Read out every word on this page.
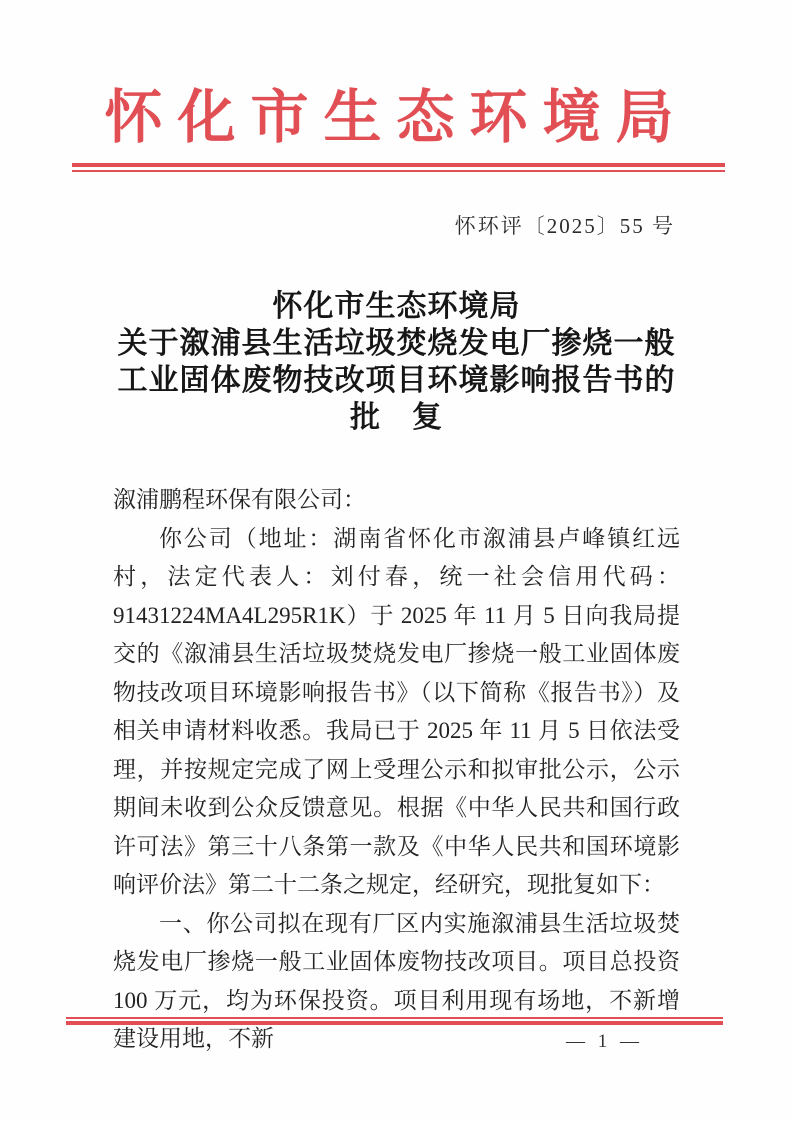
怀化市生态环境局
怀环评〔2025〕55 号
怀化市生态环境局
关于溆浦县生活垃圾焚烧发电厂掺烧一般
工业固体废物技改项目环境影响报告书的
批　复

溆浦鹏程环保有限公司：

你公司（地址：湖南省怀化市溆浦县卢峰镇红远村，法定代表人：刘付春，统一社会信用代码：91431224MA4L295R1K）于 2025 年 11 月 5 日向我局提交的《溆浦县生活垃圾焚烧发电厂掺烧一般工业固体废物技改项目环境影响报告书》（以下简称《报告书》）及相关申请材料收悉。我局已于 2025 年 11 月 5 日依法受理，并按规定完成了网上受理公示和拟审批公示，公示期间未收到公众反馈意见。根据《中华人民共和国行政许可法》第三十八条第一款及《中华人民共和国环境影响评价法》第二十二条之规定，经研究，现批复如下：

一、你公司拟在现有厂区内实施溆浦县生活垃圾焚烧发电厂掺烧一般工业固体废物技改项目。项目总投资 100 万元，均为环保投资。项目利用现有场地，不新增建设用地，不新	— 1 —
